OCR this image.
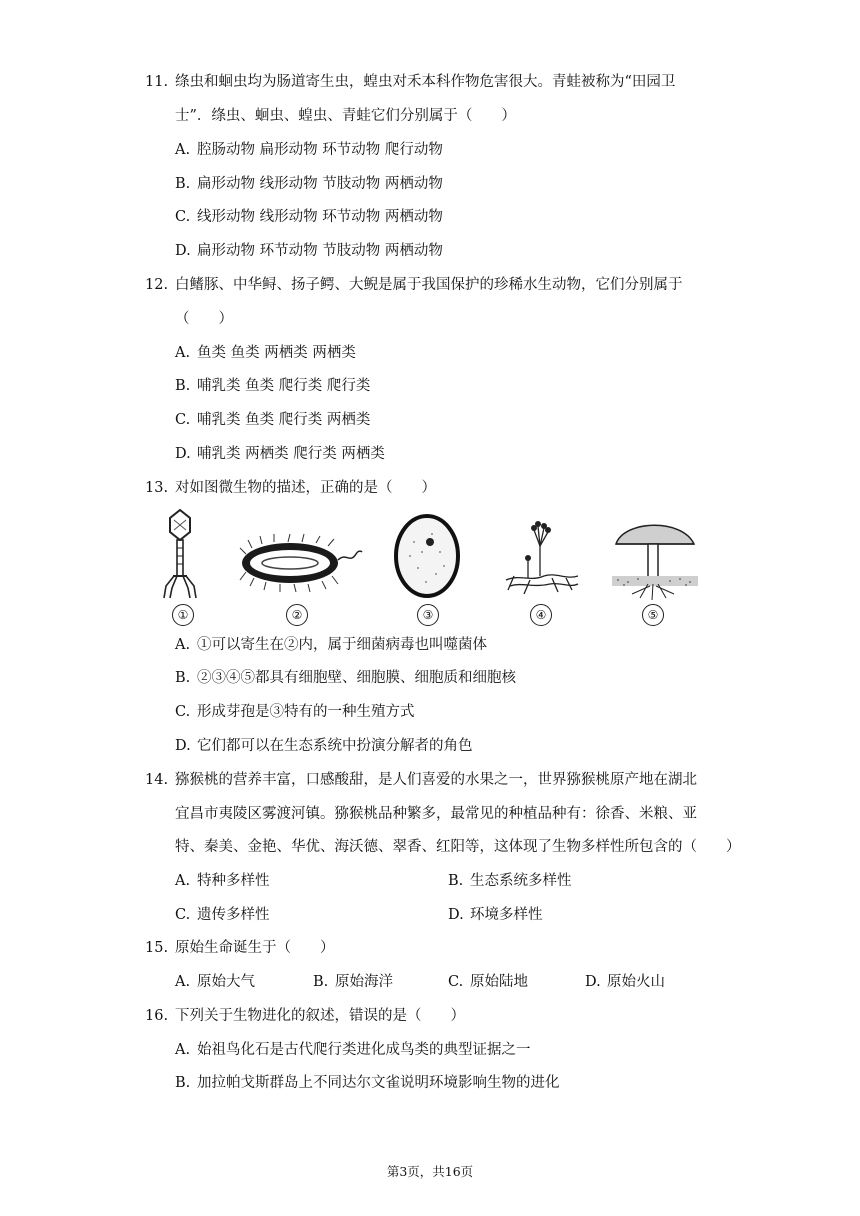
11. 绦虫和蛔虫均为肠道寄生虫，蝗虫对禾本科作物危害很大。青蛙被称为“田园卫
士”．绦虫、蛔虫、蝗虫、青蛙它们分别属于（　　）
A. 腔肠动物 扁形动物 环节动物 爬行动物
B. 扁形动物 线形动物 节肢动物 两栖动物
C. 线形动物 线形动物 环节动物 两栖动物
D. 扁形动物 环节动物 节肢动物 两栖动物
12. 白鳍豚、中华鲟、扬子鳄、大鲵是属于我国保护的珍稀水生动物，它们分别属于
（　　）
A. 鱼类 鱼类 两栖类 两栖类
B. 哺乳类 鱼类 爬行类 爬行类
C. 哺乳类 鱼类 爬行类 两栖类
D. 哺乳类 两栖类 爬行类 两栖类
13. 对如图微生物的描述，正确的是（　　）
①	②	③	④	⑤
A. ①可以寄生在②内，属于细菌病毒也叫噬菌体
B. ②③④⑤都具有细胞壁、细胞膜、细胞质和细胞核
C. 形成芽孢是③特有的一种生殖方式
D. 它们都可以在生态系统中扮演分解者的角色
14. 猕猴桃的营养丰富，口感酸甜，是人们喜爱的水果之一，世界猕猴桃原产地在湖北
宜昌市夷陵区雾渡河镇。猕猴桃品种繁多，最常见的种植品种有：徐香、米粮、亚
特、秦美、金艳、华优、海沃德、翠香、红阳等，这体现了生物多样性所包含的（　　）
A. 特种多样性	B. 生态系统多样性
C. 遗传多样性	D. 环境多样性
15. 原始生命诞生于（　　）
A. 原始大气	B. 原始海洋	C. 原始陆地	D. 原始火山
16. 下列关于生物进化的叙述，错误的是（　　）
A. 始祖鸟化石是古代爬行类进化成鸟类的典型证据之一
B. 加拉帕戈斯群岛上不同达尔文雀说明环境影响生物的进化
第3页，共16页
